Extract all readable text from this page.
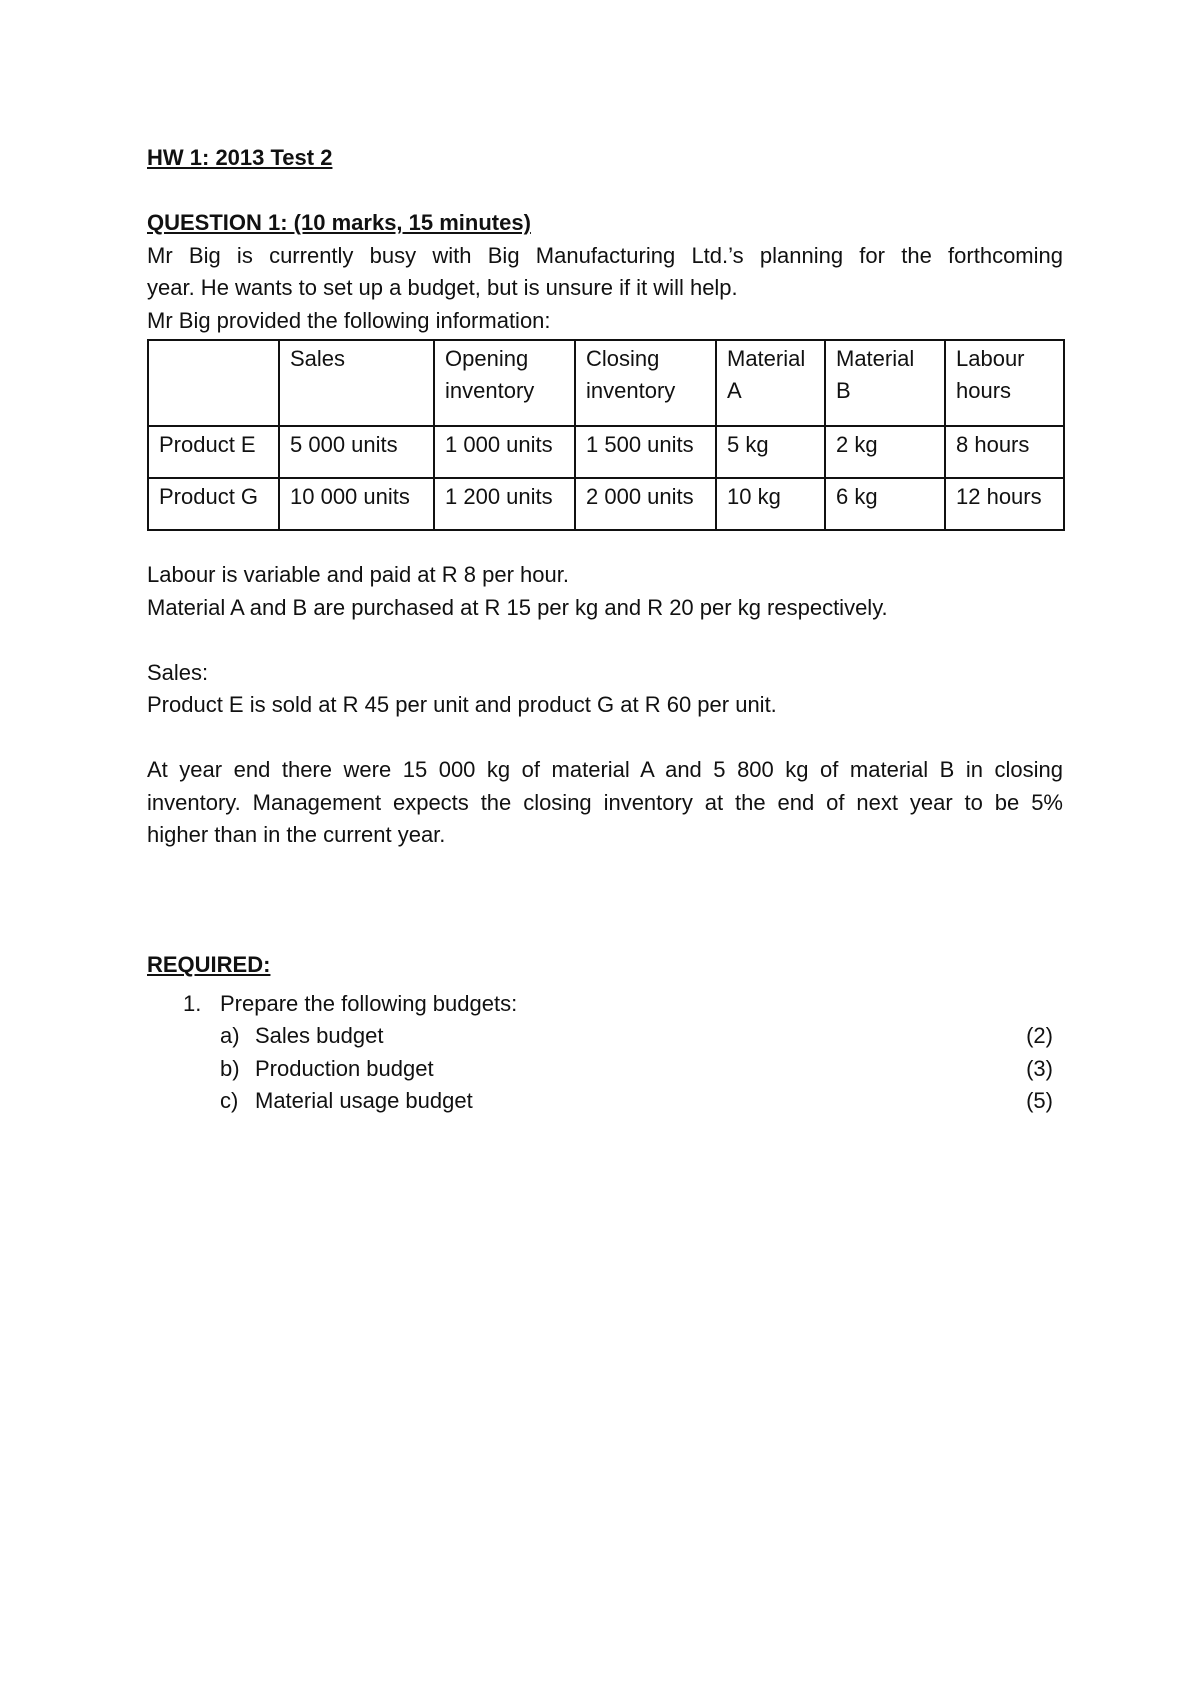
HW 1: 2013 Test 2
QUESTION 1: (10 marks, 15 minutes)
Mr Big is currently busy with Big Manufacturing Ltd.’s planning for the forthcoming
year. He wants to set up a budget, but is unsure if it will help.
Mr Big provided the following information:
	Sales	Opening inventory	Closing inventory	Material A	Material B	Labour hours
Product E	5 000 units	1 000 units	1 500 units	5 kg	2 kg	8 hours
Product G	10 000 units	1 200 units	2 000 units	10 kg	6 kg	12 hours
Labour is variable and paid at R 8 per hour.
Material A and B are purchased at R 15 per kg and R 20 per kg respectively.
Sales:
Product E is sold at R 45 per unit and product G at R 60 per unit.
At year end there were 15 000 kg of material A and 5 800 kg of material B in closing
inventory. Management expects the closing inventory at the end of next year to be 5%
higher than in the current year.
REQUIRED:
1. Prepare the following budgets:
a) Sales budget	(2)
b) Production budget	(3)
c) Material usage budget	(5)
